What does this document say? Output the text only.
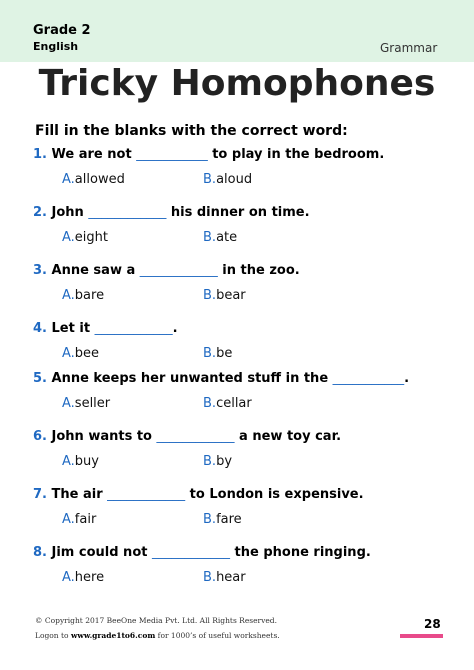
Grade 2
English	Grammar
Tricky Homophones
Fill in the blanks with the correct word:
1. We are not ___________ to play in the bedroom.
A.allowed	B.aloud
2. John ____________ his dinner on time.
A.eight	B.ate
3. Anne saw a ____________ in the zoo.
A.bare	B.bear
4. Let it ____________.
A.bee	B.be
5. Anne keeps her unwanted stuff in the ___________.
A.seller	B.cellar
6. John wants to ____________ a new toy car.
A.buy	B.by
7. The air ____________ to London is expensive.
A.fair	B.fare
8. Jim could not ____________ the phone ringing.
A.here	B.hear
© Copyright 2017 BeeOne Media Pvt. Ltd. All Rights Reserved.
Logon to www.grade1to6.com for 1000’s of useful worksheets.
28
